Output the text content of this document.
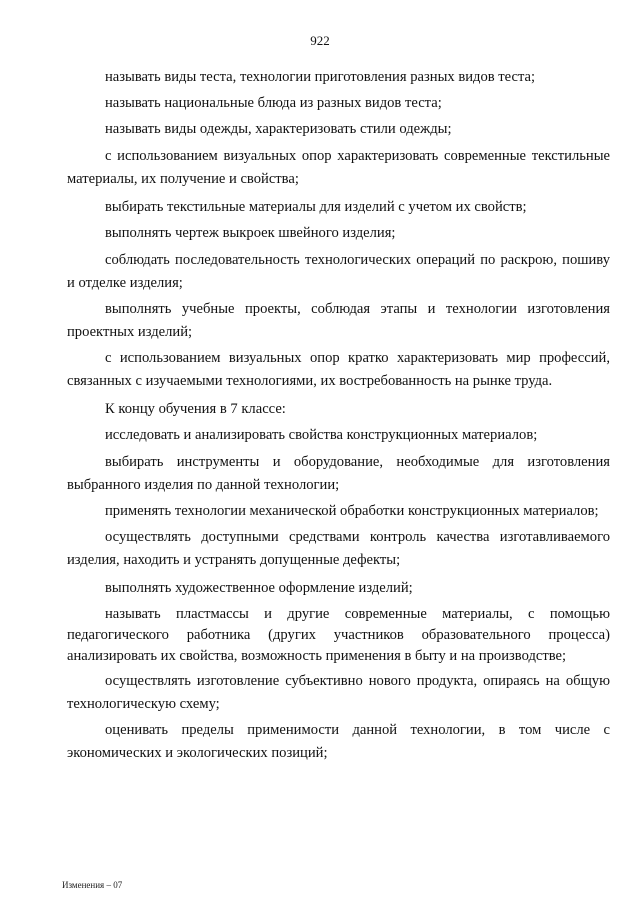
922

называть виды теста, технологии приготовления разных видов теста;

называть национальные блюда из разных видов теста;

называть виды одежды, характеризовать стили одежды;

с использованием визуальных опор характеризовать современные текстильные материалы, их получение и свойства;

выбирать текстильные материалы для изделий с учетом их свойств;

выполнять чертеж выкроек швейного изделия;

соблюдать последовательность технологических операций по раскрою, пошиву и отделке изделия;

выполнять учебные проекты, соблюдая этапы и технологии изготовления проектных изделий;

с использованием визуальных опор кратко характеризовать мир профессий, связанных с изучаемыми технологиями, их востребованность на рынке труда.

К концу обучения в 7 классе:

исследовать и анализировать свойства конструкционных материалов;

выбирать инструменты и оборудование, необходимые для изготовления выбранного изделия по данной технологии;

применять технологии механической обработки конструкционных материалов;

осуществлять доступными средствами контроль качества изготавливаемого изделия, находить и устранять допущенные дефекты;

выполнять художественное оформление изделий;

называть пластмассы и другие современные материалы, с помощью педагогического работника (других участников образовательного процесса) анализировать их свойства, возможность применения в быту и на производстве;

осуществлять изготовление субъективно нового продукта, опираясь на общую технологическую схему;

оценивать пределы применимости данной технологии, в том числе с экономических и экологических позиций;

Изменения – 07
